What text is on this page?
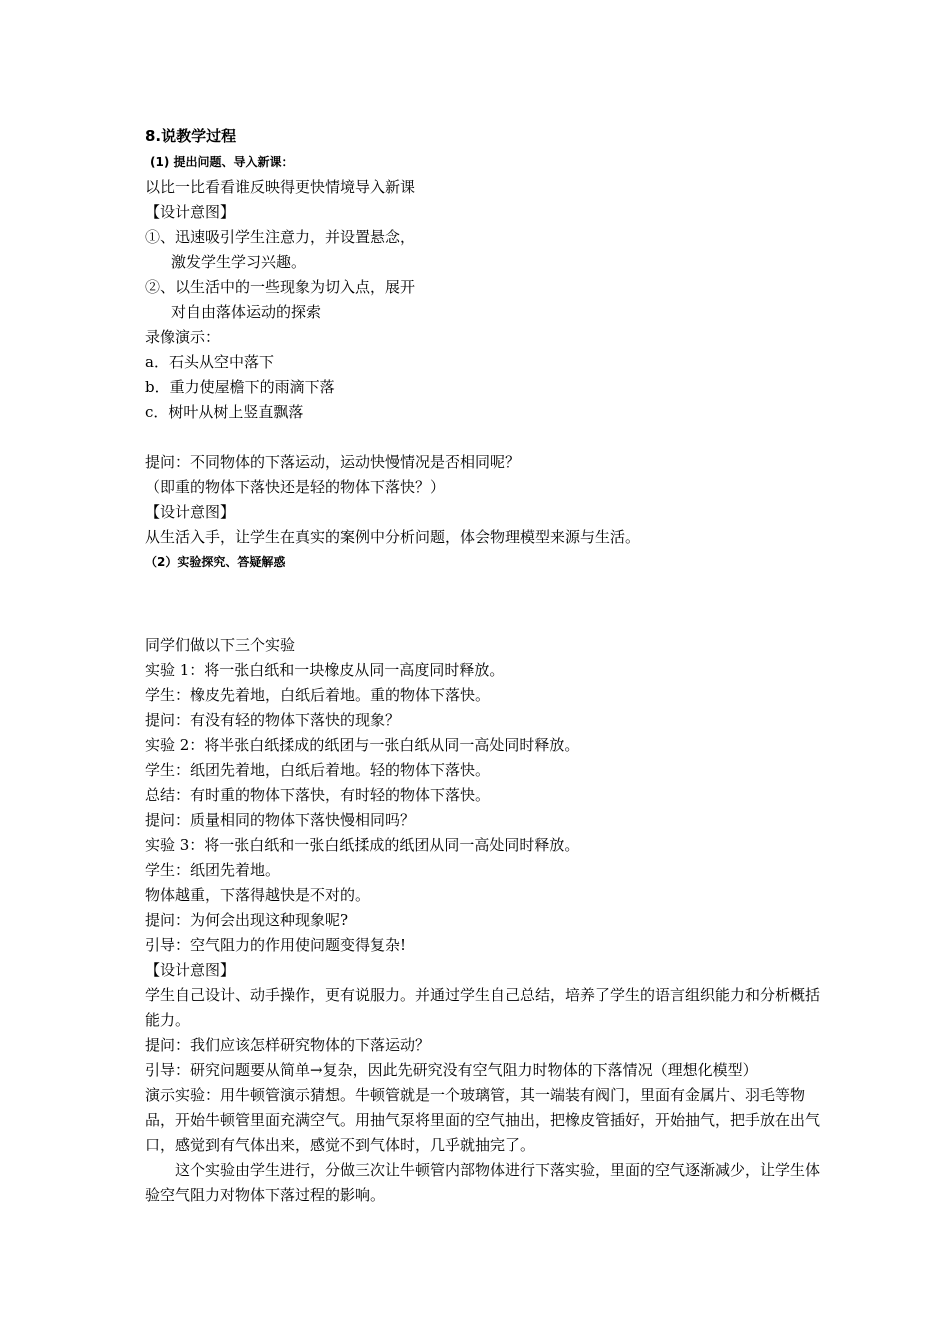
8.说教学过程
(1) 提出问题、导入新课：
以比一比看看谁反映得更快情境导入新课
【设计意图】
①、迅速吸引学生注意力，并设置悬念，
激发学生学习兴趣。
②、以生活中的一些现象为切入点，展开
对自由落体运动的探索
录像演示：
a．石头从空中落下
b．重力使屋檐下的雨滴下落
c．树叶从树上竖直飘落
提问：不同物体的下落运动，运动快慢情况是否相同呢？
（即重的物体下落快还是轻的物体下落快？）
【设计意图】
从生活入手，让学生在真实的案例中分析问题，体会物理模型来源与生活。
（2）实验探究、答疑解惑
同学们做以下三个实验
实验 1：将一张白纸和一块橡皮从同一高度同时释放。
学生：橡皮先着地，白纸后着地。重的物体下落快。
提问：有没有轻的物体下落快的现象？
实验 2：将半张白纸揉成的纸团与一张白纸从同一高处同时释放。
学生：纸团先着地，白纸后着地。轻的物体下落快。
总结：有时重的物体下落快，有时轻的物体下落快。
提问：质量相同的物体下落快慢相同吗？
实验 3：将一张白纸和一张白纸揉成的纸团从同一高处同时释放。
学生：纸团先着地。
物体越重，下落得越快是不对的。
提问：为何会出现这种现象呢?
引导：空气阻力的作用使问题变得复杂!
【设计意图】
学生自己设计、动手操作，更有说服力。并通过学生自己总结，培养了学生的语言组织能力和分析概括能力。
提问：我们应该怎样研究物体的下落运动？
引导：研究问题要从简单→复杂，因此先研究没有空气阻力时物体的下落情况（理想化模型）
演示实验：用牛顿管演示猜想。牛顿管就是一个玻璃管，其一端装有阀门，里面有金属片、羽毛等物品，开始牛顿管里面充满空气。用抽气泵将里面的空气抽出，把橡皮管插好，开始抽气，把手放在出气口，感觉到有气体出来，感觉不到气体时，几乎就抽完了。
这个实验由学生进行，分做三次让牛顿管内部物体进行下落实验，里面的空气逐渐减少，让学生体验空气阻力对物体下落过程的影响。
